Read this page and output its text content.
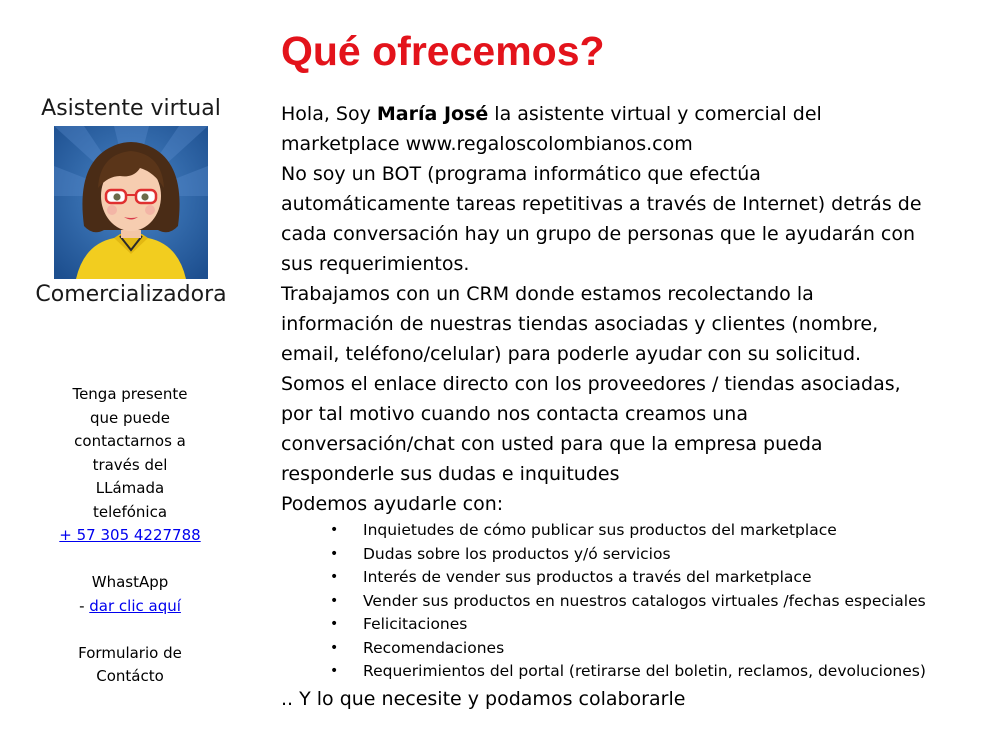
Qué ofrecemos?
Asistente virtual
Comercializadora

Tenga presente

que puede

contactarnos a

través del

LLámada

telefónica

+ 57 305 4227788

WhastApp

- dar clic aquí

Formulario de

Contácto

Hola, Soy María José la asistente virtual y comercial del

marketplace www.regaloscolombianos.com

No soy un BOT (programa informático que efectúa

automáticamente tareas repetitivas a través de Internet) detrás de

cada conversación hay un grupo de personas que le ayudarán con

sus requerimientos.

Trabajamos con un CRM donde estamos recolectando la

información de nuestras tiendas asociadas y clientes (nombre,

email, teléfono/celular) para poderle ayudar con su solicitud.

Somos el enlace directo con los proveedores / tiendas asociadas,

por tal motivo cuando nos contacta creamos una

conversación/chat con usted para que la empresa pueda

responderle sus dudas e inquitudes

Podemos ayudarle con:

• Inquietudes de cómo publicar sus productos del marketplace
• Dudas sobre los productos y/ó servicios
• Interés de vender sus productos a través del marketplace
• Vender sus productos en nuestros catalogos virtuales /fechas especiales
• Felicitaciones
• Recomendaciones
• Requerimientos del portal (retirarse del boletin, reclamos, devoluciones)

.. Y lo que necesite y podamos colaborarle
